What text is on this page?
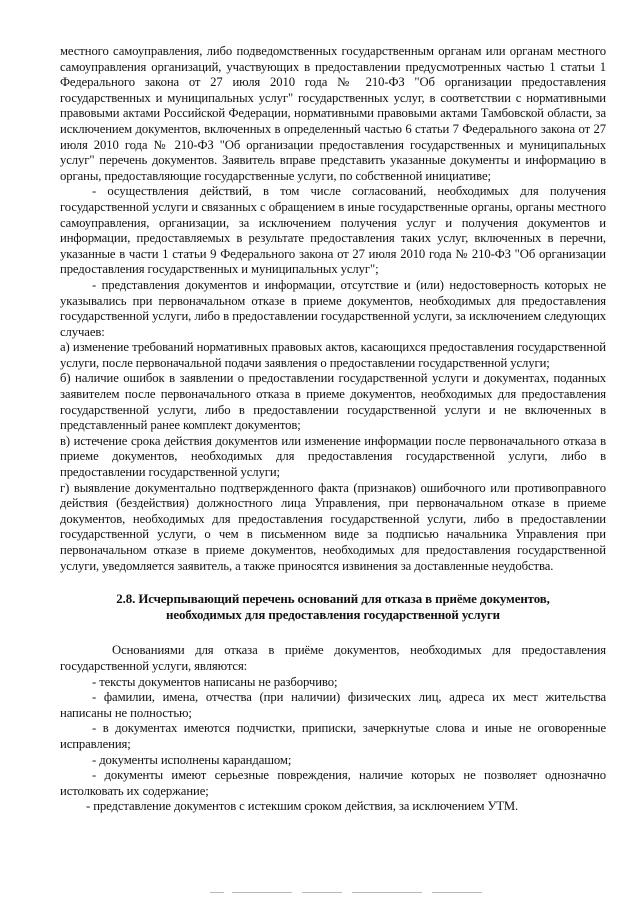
местного самоуправления, либо подведомственных государственным органам или органам местного самоуправления организаций, участвующих в предоставлении предусмотренных частью 1 статьи 1 Федерального закона от 27 июля 2010 года № 210-ФЗ "Об организации предоставления государственных и муниципальных услуг" государственных услуг, в соответствии с нормативными правовыми актами Российской Федерации, нормативными правовыми актами Тамбовской области, за исключением документов, включенных в определенный частью 6 статьи 7 Федерального закона от 27 июля 2010 года № 210-ФЗ "Об организации предоставления государственных и муниципальных услуг" перечень документов. Заявитель вправе представить указанные документы и информацию в органы, предоставляющие государственные услуги, по собственной инициативе;

- осуществления действий, в том числе согласований, необходимых для получения государственной услуги и связанных с обращением в иные государственные органы, органы местного самоуправления, организации, за исключением получения услуг и получения документов и информации, предоставляемых в результате предоставления таких услуг, включенных в перечни, указанные в части 1 статьи 9 Федерального закона от 27 июля 2010 года № 210-ФЗ "Об организации предоставления государственных и муниципальных услуг";

- представления документов и информации, отсутствие и (или) недостоверность которых не указывались при первоначальном отказе в приеме документов, необходимых для предоставления государственной услуги, либо в предоставлении государственной услуги, за исключением следующих случаев:

а) изменение требований нормативных правовых актов, касающихся предоставления государственной услуги, после первоначальной подачи заявления о предоставлении государственной услуги;

б) наличие ошибок в заявлении о предоставлении государственной услуги и документах, поданных заявителем после первоначального отказа в приеме документов, необходимых для предоставления государственной услуги, либо в предоставлении государственной услуги и не включенных в представленный ранее комплект документов;

в) истечение срока действия документов или изменение информации после первоначального отказа в приеме документов, необходимых для предоставления государственной услуги, либо в предоставлении государственной услуги;

г) выявление документально подтвержденного факта (признаков) ошибочного или противоправного действия (бездействия) должностного лица Управления, при первоначальном отказе в приеме документов, необходимых для предоставления государственной услуги, либо в предоставлении государственной услуги, о чем в письменном виде за подписью начальника Управления при первоначальном отказе в приеме документов, необходимых для предоставления государственной услуги, уведомляется заявитель, а также приносятся извинения за доставленные неудобства.

2.8. Исчерпывающий перечень оснований для отказа в приёме документов,
необходимых для предоставления государственной услуги

Основаниями для отказа в приёме документов, необходимых для предоставления государственной услуги, являются:

- тексты документов написаны не разборчиво;

- фамилии, имена, отчества (при наличии) физических лиц, адреса их мест жительства написаны не полностью;

- в документах имеются подчистки, приписки, зачеркнутые слова и иные не оговоренные исправления;

- документы исполнены карандашом;

- документы имеют серьезные повреждения, наличие которых не позволяет однозначно истолковать их содержание;

- представление документов с истекшим сроком действия, за исключением УТМ.
